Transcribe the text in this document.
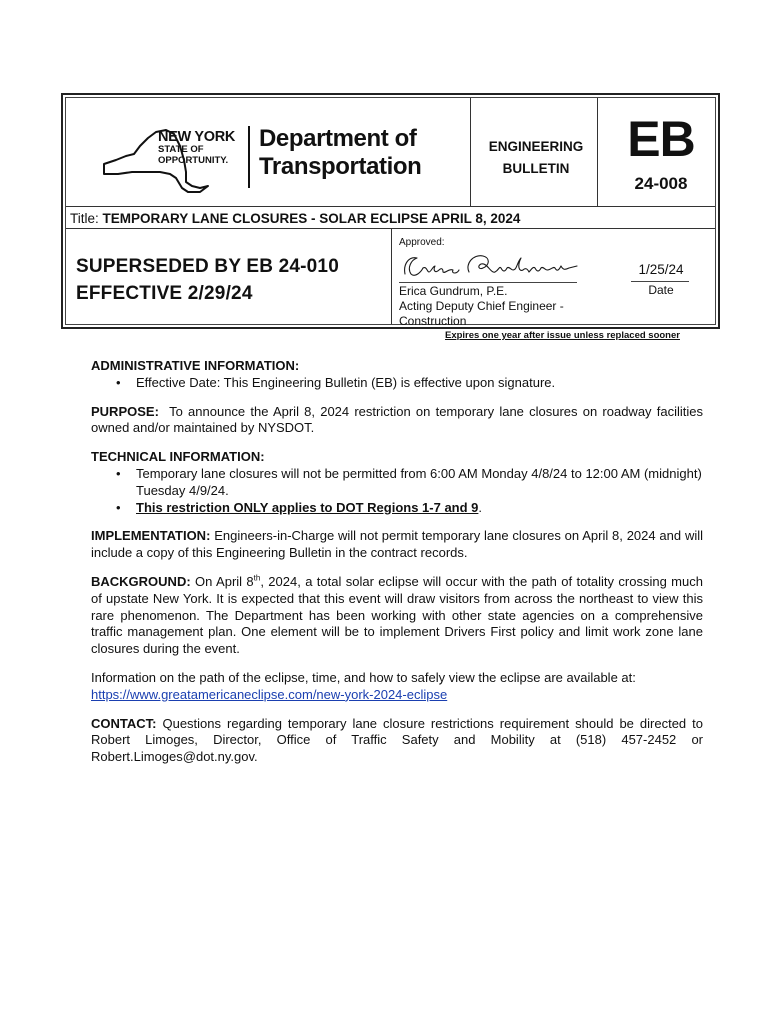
NEW YORK
STATE OF
OPPORTUNITY.
Department of
Transportation
ENGINEERING
BULLETIN
EB
24-008
Title: TEMPORARY LANE CLOSURES - SOLAR ECLIPSE APRIL 8, 2024
SUPERSEDED BY EB 24-010
EFFECTIVE 2/29/24
Approved:
Erica Gundrum, P.E.
Acting Deputy Chief Engineer -
Construction
1/25/24
Date
Expires one year after issue unless replaced sooner

ADMINISTRATIVE INFORMATION:

• Effective Date: This Engineering Bulletin (EB) is effective upon signature.

PURPOSE: To announce the April 8, 2024 restriction on temporary lane closures on roadway facilities owned and/or maintained by NYSDOT.

TECHNICAL INFORMATION:

• Temporary lane closures will not be permitted from 6:00 AM Monday 4/8/24 to 12:00 AM (midnight) Tuesday 4/9/24.
• This restriction ONLY applies to DOT Regions 1-7 and 9.

IMPLEMENTATION: Engineers-in-Charge will not permit temporary lane closures on April 8, 2024 and will include a copy of this Engineering Bulletin in the contract records.

BACKGROUND: On April 8th, 2024, a total solar eclipse will occur with the path of totality crossing much of upstate New York. It is expected that this event will draw visitors from across the northeast to view this rare phenomenon. The Department has been working with other state agencies on a comprehensive traffic management plan. One element will be to implement Drivers First policy and limit work zone lane closures during the event.

Information on the path of the eclipse, time, and how to safely view the eclipse are available at:
https://www.greatamericaneclipse.com/new-york-2024-eclipse

CONTACT: Questions regarding temporary lane closure restrictions requirement should be directed to Robert Limoges, Director, Office of Traffic Safety and Mobility at (518) 457-2452 or Robert.Limoges@dot.ny.gov.
